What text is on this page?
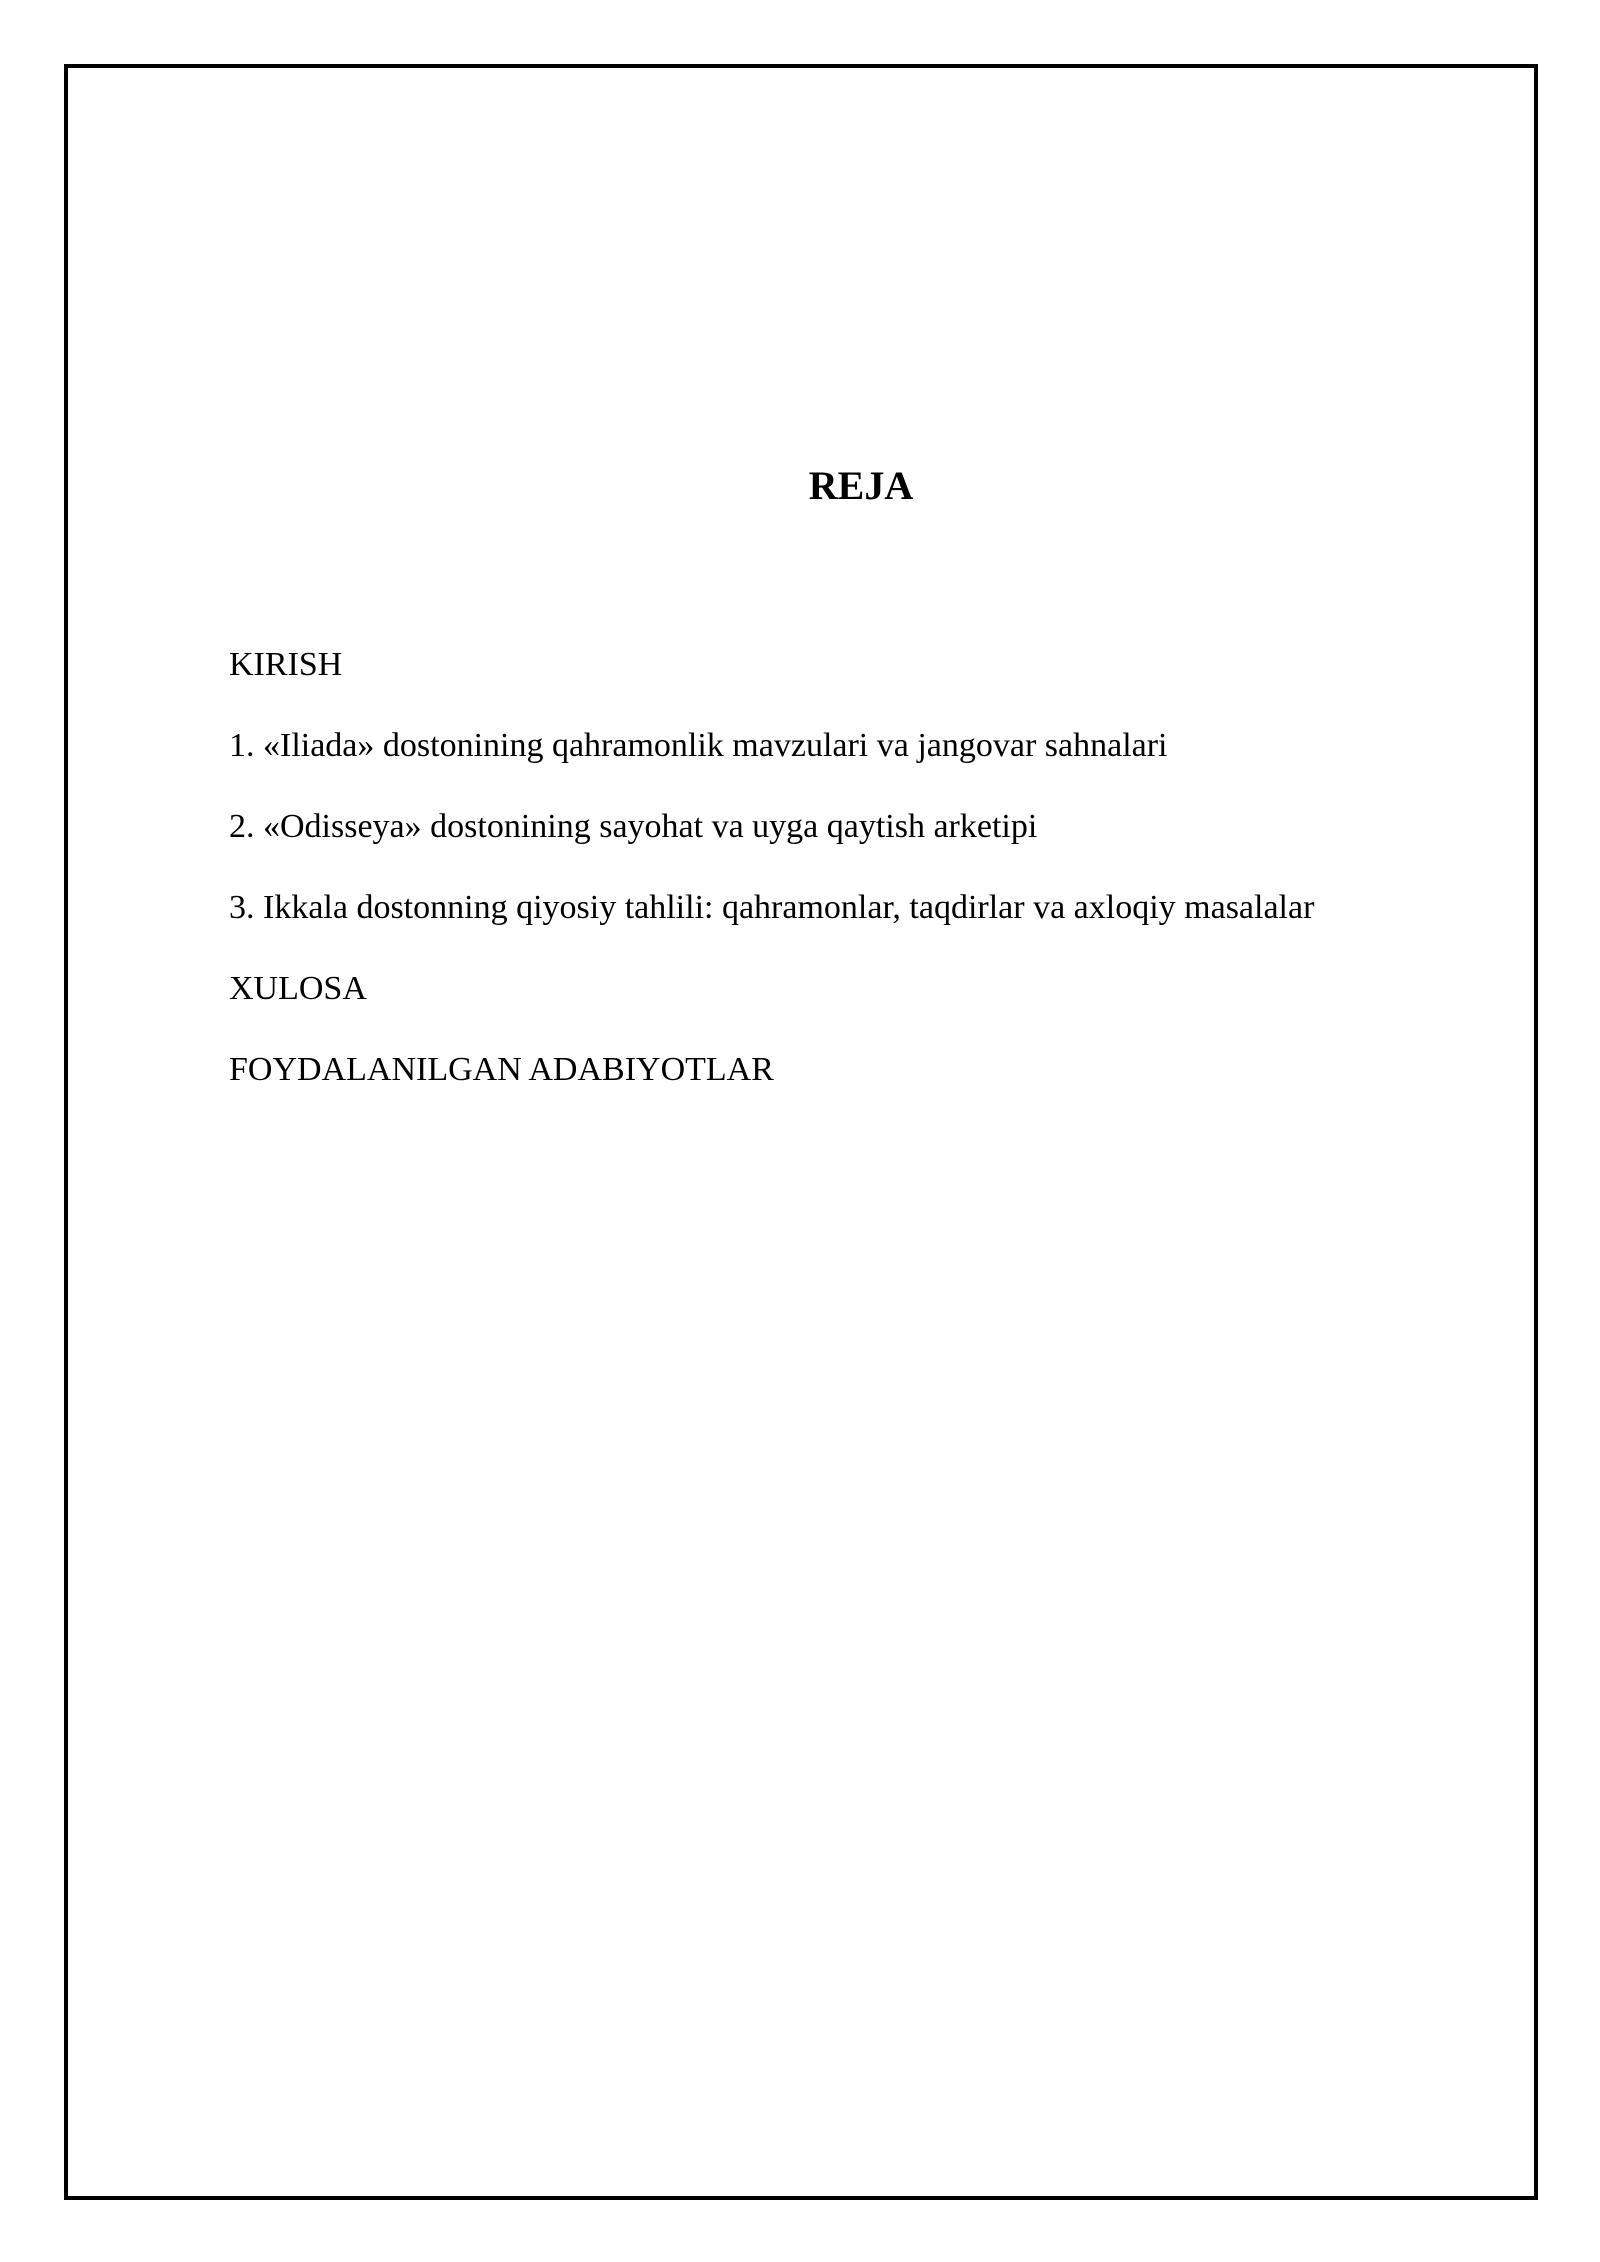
REJA
KIRISH
1. «Iliada» dostonining qahramonlik mavzulari va jangovar sahnalari
2. «Odisseya» dostonining sayohat va uyga qaytish arketipi
3. Ikkala dostonning qiyosiy tahlili: qahramonlar, taqdirlar va axloqiy masalalar
XULOSA
FOYDALANILGAN ADABIYOTLAR
